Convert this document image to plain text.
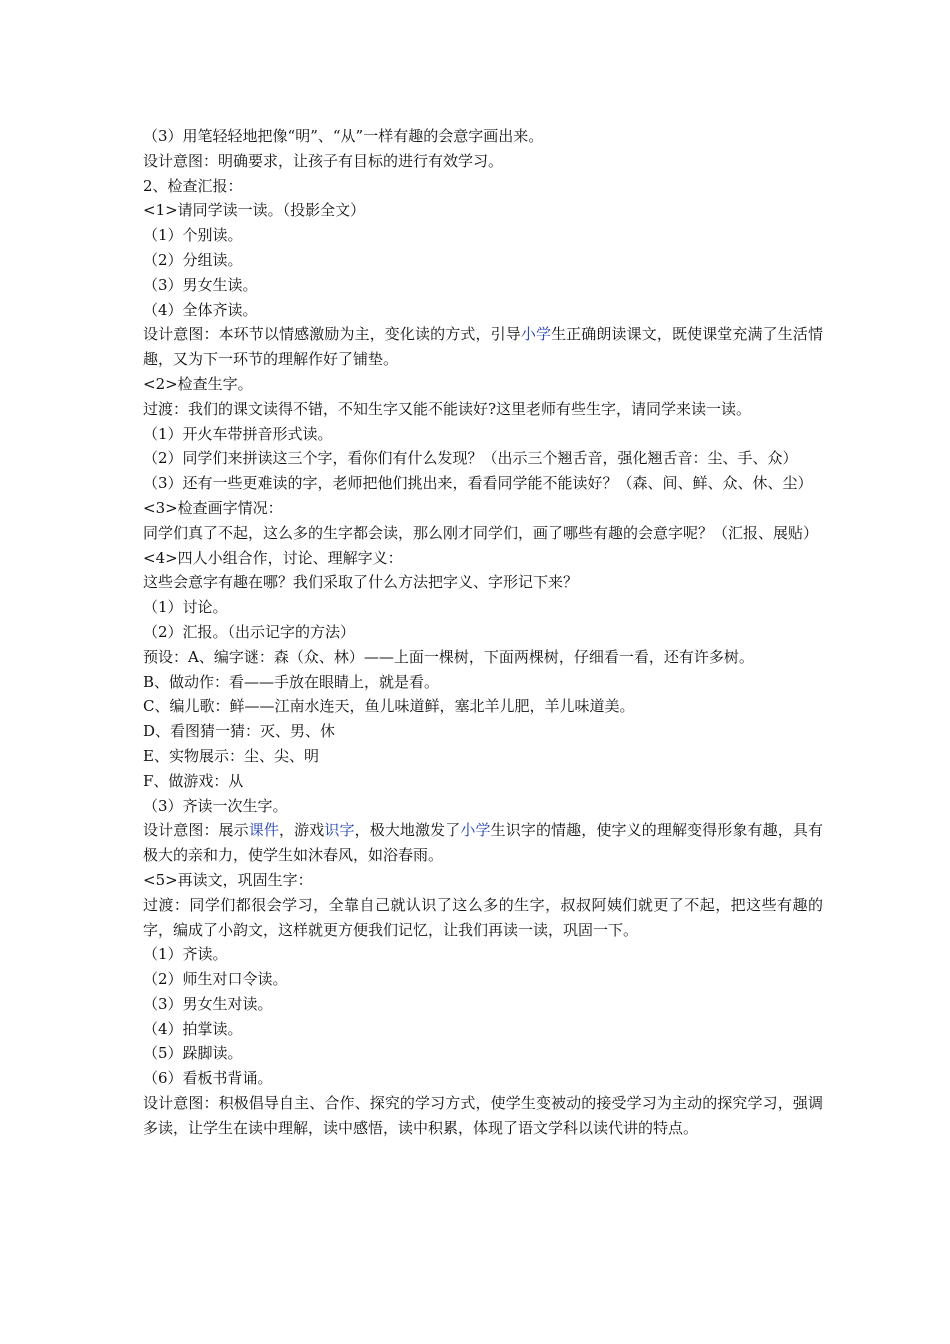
（3）用笔轻轻地把像“明”、“从”一样有趣的会意字画出来。

设计意图：明确要求，让孩子有目标的进行有效学习。

2、检查汇报：

<1>请同学读一读。（投影全文）

（1）个别读。

（2）分组读。

（3）男女生读。

（4）全体齐读。

设计意图：本环节以情感激励为主，变化读的方式，引导小学生正确朗读课文，既使课堂充满了生活情趣，又为下一环节的理解作好了铺垫。

<2>检查生字。

过渡：我们的课文读得不错，不知生字又能不能读好?这里老师有些生字，请同学来读一读。

（1）开火车带拼音形式读。

（2）同学们来拼读这三个字，看你们有什么发现？（出示三个翘舌音，强化翘舌音：尘、手、众）

（3）还有一些更难读的字，老师把他们挑出来，看看同学能不能读好？（森、间、鲜、众、休、尘）

<3>检查画字情况：

同学们真了不起，这么多的生字都会读，那么刚才同学们，画了哪些有趣的会意字呢？（汇报、展贴）

<4>四人小组合作，讨论、理解字义：

这些会意字有趣在哪？我们采取了什么方法把字义、字形记下来？

（1）讨论。

（2）汇报。（出示记字的方法）

预设：A、编字谜：森（众、林）——上面一棵树，下面两棵树，仔细看一看，还有许多树。

B、做动作：看——手放在眼睛上，就是看。

C、编儿歌：鲜——江南水连天，鱼儿味道鲜，塞北羊儿肥，羊儿味道美。

D、看图猜一猜：灭、男、休

E、实物展示：尘、尖、明

F、做游戏：从

（3）齐读一次生字。

设计意图：展示课件，游戏识字，极大地激发了小学生识字的情趣，使字义的理解变得形象有趣，具有极大的亲和力，使学生如沐春风，如浴春雨。

<5>再读文，巩固生字：

过渡：同学们都很会学习，全靠自己就认识了这么多的生字，叔叔阿姨们就更了不起，把这些有趣的字，编成了小韵文，这样就更方便我们记忆，让我们再读一读，巩固一下。

（1）齐读。

（2）师生对口令读。

（3）男女生对读。

（4）拍掌读。

（5）跺脚读。

（6）看板书背诵。

设计意图：积极倡导自主、合作、探究的学习方式，使学生变被动的接受学习为主动的探究学习，强调多读，让学生在读中理解，读中感悟，读中积累，体现了语文学科以读代讲的特点。
